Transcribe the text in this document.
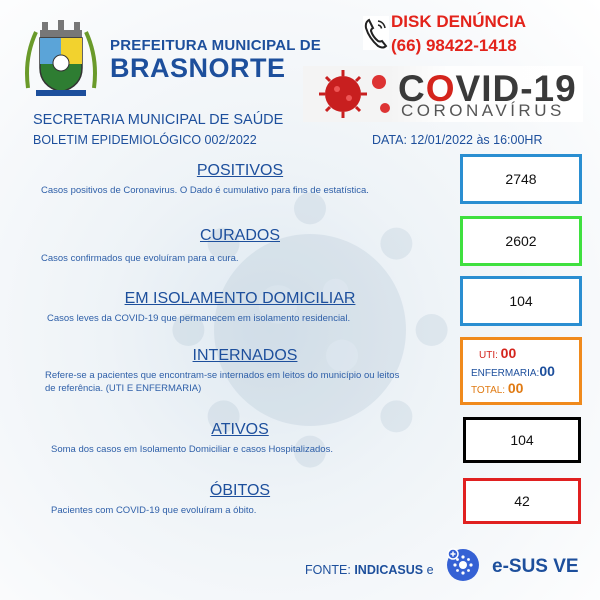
PREFEITURA MUNICIPAL DE
BRASNORTE
DISK DENÚNCIA
(66) 98422-1418
COVID-19
CORONAVÍRUS
SECRETARIA MUNICIPAL DE SAÚDE
BOLETIM EPIDEMIOLÓGICO 002/2022	DATA: 12/01/2022 às 16:00HR
POSITIVOS
Casos positivos de Coronavirus. O Dado é cumulativo para fins de estatística.
2748
CURADOS
Casos confirmados que evoluíram para a cura.
2602
EM ISOLAMENTO DOMICILIAR
Casos leves da COVID-19 que permanecem em isolamento residencial.
104
INTERNADOS
Refere-se a pacientes que encontram-se internados em leitos do município ou leitos de referência. (UTI E ENFERMARIA)
UTI: 00
ENFERMARIA:00
TOTAL: 00
ATIVOS
Soma dos casos em Isolamento Domiciliar e casos Hospitalizados.
104
ÓBITOS
Pacientes com COVID-19 que evoluíram a óbito.
42
FONTE: INDICASUS e	e-SUS VE
